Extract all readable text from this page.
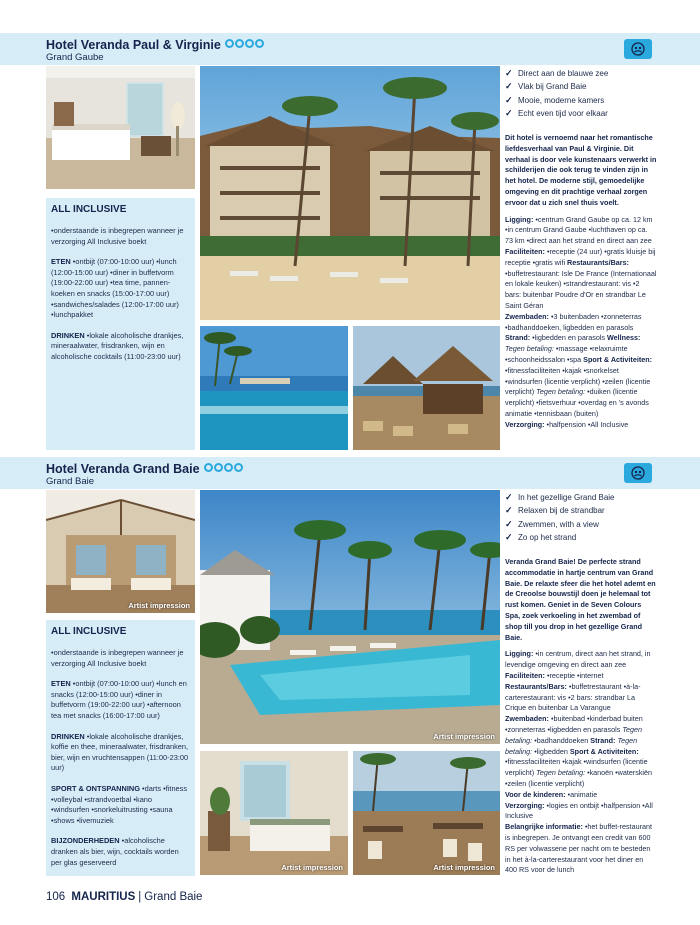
Hotel Veranda Paul & Virginie
Grand Gaube
ALL INCLUSIVE

•onderstaande is inbegrepen wanneer je verzorging All Inclusive boekt

ETEN •ontbijt (07:00-10:00 uur) •lunch (12:00-15:00 uur) •diner in buffetvorm (19:00-22:00 uur) •tea time, pannen-koeken en snacks (15:00-17:00 uur) •sandwiches/salades (12:00-17:00 uur) •lunchpakket

DRINKEN •lokale alcoholische drankjes, mineraalwater, frisdranken, wijn en alcoholische cocktails (11:00-23:00 uur)

✓ Direct aan de blauwe zee
✓ Vlak bij Grand Baie
✓ Mooie, moderne kamers
✓ Echt even tijd voor elkaar
Dit hotel is vernoemd naar het romantische liefdesverhaal van Paul & Virginie. Dit verhaal is door vele kunstenaars verwerkt in schilderijen die ook terug te vinden zijn in het hotel. De moderne stijl, gemoedelijke omgeving en dit prachtige verhaal zorgen ervoor dat u zich snel thuis voelt.
Ligging: •centrum Grand Gaube op ca. 12 km •in centrum Grand Gaube •luchthaven op ca. 73 km •direct aan het strand en direct aan zee
Faciliteiten: •receptie (24 uur) •gratis kluisje bij receptie •gratis wifi Restaurants/Bars: •buffetrestaurant: Isle De France (Internationaal en lokale keuken) •strandrestaurant: vis •2 bars: buitenbar Poudre d'Or en strandbar Le Saint Géran
Zwembaden: •3 buitenbaden •zonneterras •badhanddoeken, ligbedden en parasols
Strand: •ligbedden en parasols Wellness:
Tegen betaling: •massage •relaxruimte •schoonheidssalon •spa Sport & Activiteiten: •fitnessfaciliteiten •kajak •snorkelset •windsurfen (licentie verplicht) •zeilen (licentie verplicht) Tegen betaling: •duiken (licentie verplicht) •fietsverhuur •overdag en 's avonds animatie •tennisbaan (buiten)
Verzorging: •halfpension •All Inclusive
Hotel Veranda Grand Baie
Grand Baie
Artist impression
Artist impression
ALL INCLUSIVE

•onderstaande is inbegrepen wanneer je verzorging All Inclusive boekt

ETEN •ontbijt (07:00-10:00 uur) •lunch en snacks (12:00-15:00 uur) •diner in buffetvorm (19:00-22:00 uur) •afternoon tea met snacks (16:00-17:00 uur)

DRINKEN •lokale alcoholische drankjes, koffie en thee, mineraalwater, frisdranken, bier, wijn en vruchtensappen (11:00-23:00 uur)

SPORT & ONTSPANNING •darts •fitness •volleybal •strandvoetbal •kano •windsurfen •snorkeluitrusting •sauna •shows •livemuziek

BIJZONDERHEDEN •alcoholische dranken als bier, wijn, cocktails worden per glas geserveerd

Artist impression	Artist impression
✓ In het gezellige Grand Baie
✓ Relaxen bij de strandbar
✓ Zwemmen, with a view
✓ Zo op het strand
Veranda Grand Baie! De perfecte strand accommodatie in hartje centrum van Grand Baie. De relaxte sfeer die het hotel ademt en de Creoolse bouwstijl doen je helemaal tot rust komen. Geniet in de Seven Colours Spa, zoek verkoeling in het zwembad of shop till you drop in het gezellige Grand Baie.
Ligging: •in centrum, direct aan het strand, in levendige omgeving en direct aan zee
Faciliteiten: •receptie •internet
Restaurants/Bars: •buffetrestaurant •à-la-carterestaurant: vis •2 bars: strandbar La Crique en buitenbar La Varangue
Zwembaden: •buitenbad •kinderbad buiten •zonneterras •ligbedden en parasols Tegen betaling: •badhanddoeken Strand: Tegen betaling: •ligbedden Sport & Activiteiten: •fitnessfaciliteiten •kajak •windsurfen (licentie verplicht) Tegen betaling: •kanoën •waterskiën •zeilen (licentie verplicht)
Voor de kinderen: •animatie
Verzorging: •logies en ontbijt •halfpension •All Inclusive
Belangrijke informatie: •het buffet-restaurant is inbegrepen. Je ontvangt een credit van 600 RS per volwassene per nacht om te besteden in het à-la-carterestaurant voor het diner en 400 RS voor de lunch
106 MAURITIUS | Grand Baie
